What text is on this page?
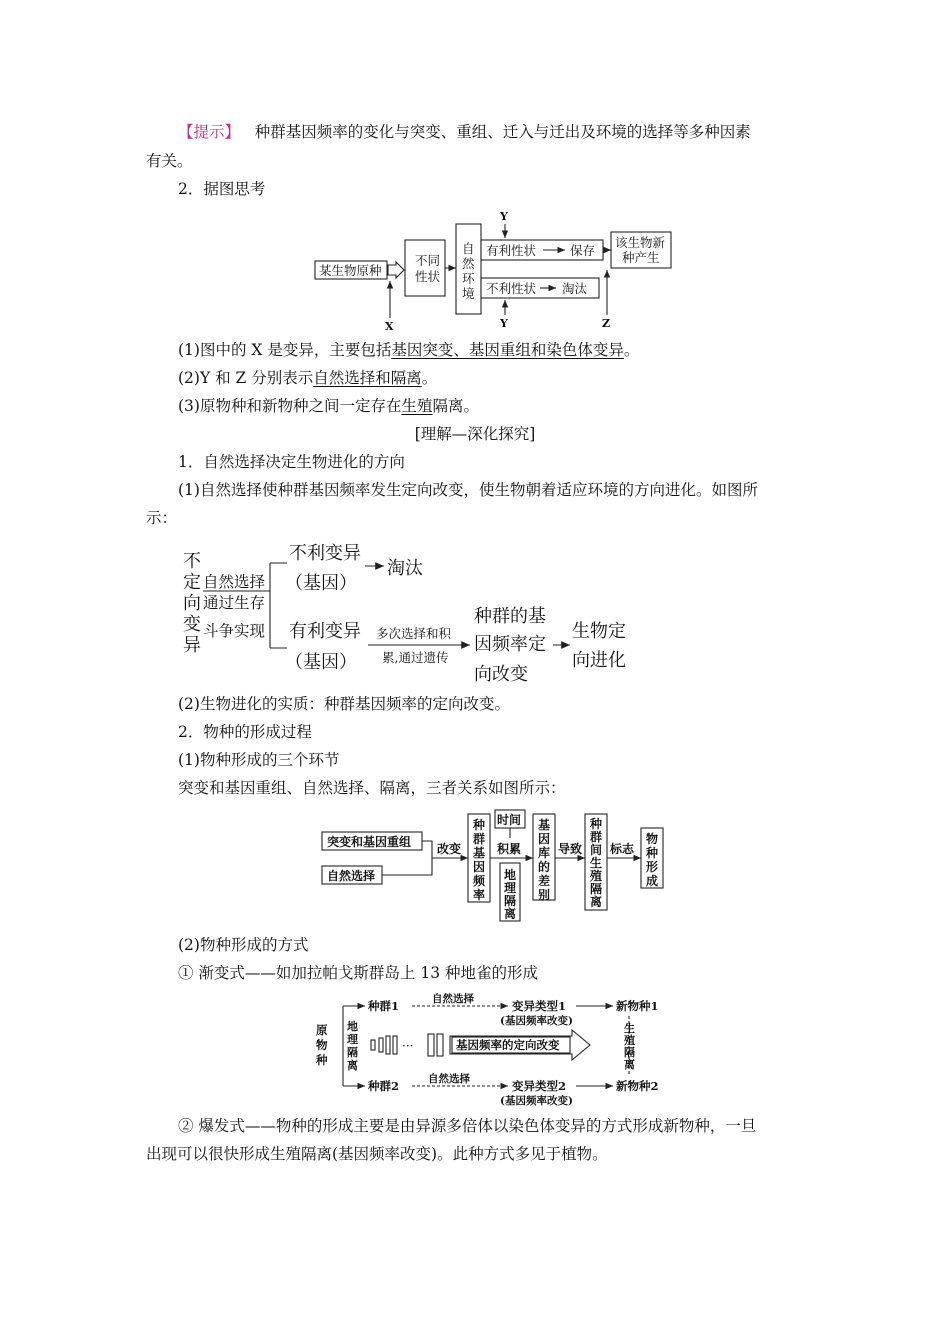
【提示】 种群基因频率的变化与突变、重组、迁入与迁出及环境的选择等多种因素
有关。
2．据图思考
某生物原种
不同
性状
自
然
环
境
有利性状	保存
不利性状 淘汰
该生物新
种产生
X
Y
Y	Z
(1)图中的 X 是变异，主要包括基因突变、基因重组和染色体变异。
(2)Y 和 Z 分别表示自然选择和隔离。
(3)原物种和新物种之间一定存在生殖隔离。
[理解—深化探究]
1．自然选择决定生物进化的方向
(1)自然选择使种群基因频率发生定向改变，使生物朝着适应环境的方向进化。如图所
示：
不
定
向
变
异
自然选择
通过生存
斗争实现
不利变异
（基因）
淘汰
有利变异
（基因）
种群的基
因频率定
向改变
生物定
向进化
多次选择和积
累,通过遗传
(2)生物进化的实质：种群基因频率的定向改变。
2．物种的形成过程
(1)物种形成的三个环节
突变和基因重组、自然选择、隔离，三者关系如图所示：
突变和基因重组
自然选择
改变
种
群
基
因
频
率
时间
积累
地
理
隔
离
基
因
库
的
差
别
导致
种
群
间
生
殖
隔
离
标志
物
种
形
成
(2)物种形成的方式
① 渐变式——如加拉帕戈斯群岛上 13 种地雀的形成
原
物
种
地
理
隔
离
种群1
种群2
自然选择
自然选择
变异类型1
(基因频率改变)
变异类型2
(基因频率改变)
新物种1
新物种2
生
殖
隔
离
···	基因频率的定向改变
② 爆发式——物种的形成主要是由异源多倍体以染色体变异的方式形成新物种，一旦
出现可以很快形成生殖隔离(基因频率改变)。此种方式多见于植物。
